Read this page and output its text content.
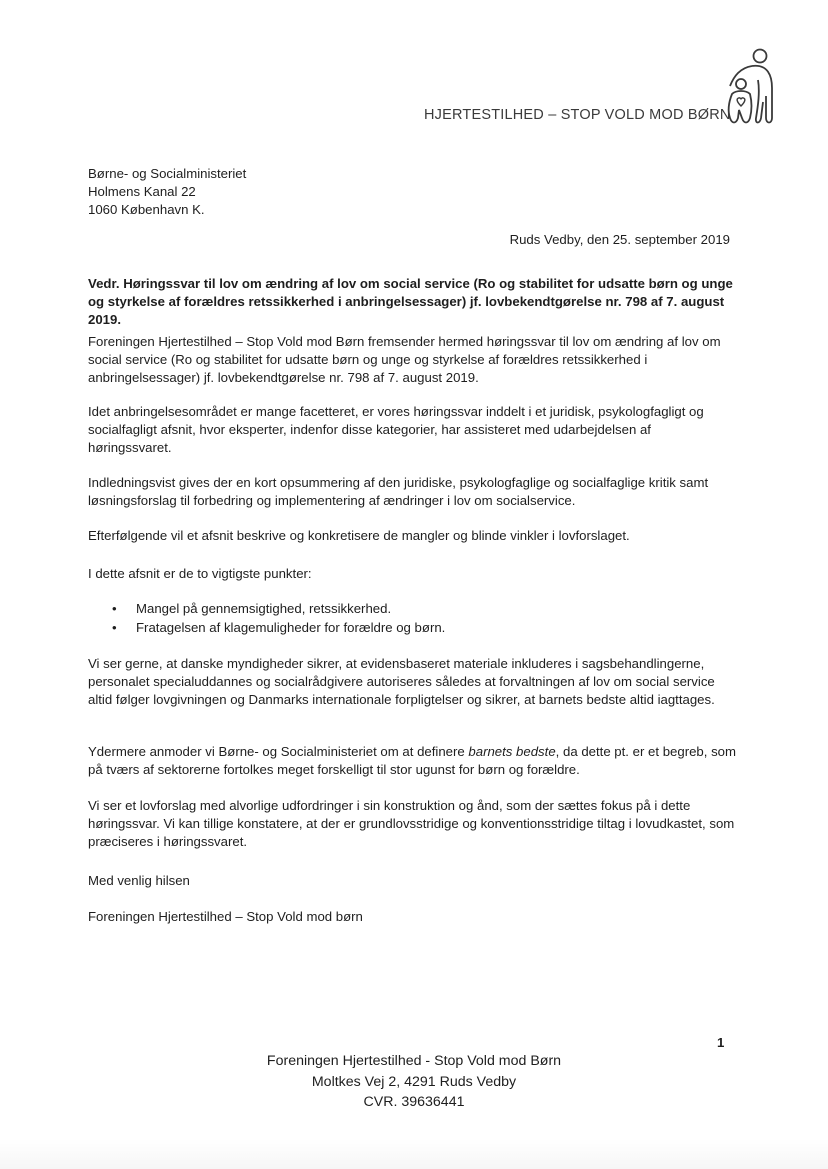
HJERTESTILHED – STOP VOLD MOD BØRN
Børne- og Socialministeriet
Holmens Kanal 22
1060 København K.
Ruds Vedby, den 25. september 2019
Vedr. Høringssvar til lov om ændring af lov om social service (Ro og stabilitet for udsatte børn og unge og styrkelse af forældres retssikkerhed i anbringelsessager) jf. lovbekendtgørelse nr. 798 af 7. august 2019.
Foreningen Hjertestilhed – Stop Vold mod Børn fremsender hermed høringssvar til lov om ændring af lov om social service (Ro og stabilitet for udsatte børn og unge og styrkelse af forældres retssikkerhed i anbringelsessager) jf. lovbekendtgørelse nr. 798 af 7. august 2019.
Idet anbringelsesområdet er mange facetteret, er vores høringssvar inddelt i et juridisk, psykologfagligt og socialfagligt afsnit, hvor eksperter, indenfor disse kategorier, har assisteret med udarbejdelsen af høringssvaret.
Indledningsvist gives der en kort opsummering af den juridiske, psykologfaglige og socialfaglige kritik samt løsningsforslag til forbedring og implementering af ændringer i lov om socialservice.
Efterfølgende vil et afsnit beskrive og konkretisere de mangler og blinde vinkler i lovforslaget.
I dette afsnit er de to vigtigste punkter:
• Mangel på gennemsigtighed, retssikkerhed.
• Fratagelsen af klagemuligheder for forældre og børn.
Vi ser gerne, at danske myndigheder sikrer, at evidensbaseret materiale inkluderes i sagsbehandlingerne, personalet specialuddannes og socialrådgivere autoriseres således at forvaltningen af lov om social service altid følger lovgivningen og Danmarks internationale forpligtelser og sikrer, at barnets bedste altid iagttages.
Ydermere anmoder vi Børne- og Socialministeriet om at definere barnets bedste, da dette pt. er et begreb, som på tværs af sektorerne fortolkes meget forskelligt til stor ugunst for børn og forældre.
Vi ser et lovforslag med alvorlige udfordringer i sin konstruktion og ånd, som der sættes fokus på i dette høringssvar. Vi kan tillige konstatere, at der er grundlovsstridige og konventionsstridige tiltag i lovudkastet, som præciseres i høringssvaret.
Med venlig hilsen
Foreningen Hjertestilhed – Stop Vold mod børn
1
Foreningen Hjertestilhed - Stop Vold mod Børn
Moltkes Vej 2, 4291 Ruds Vedby
CVR. 39636441
